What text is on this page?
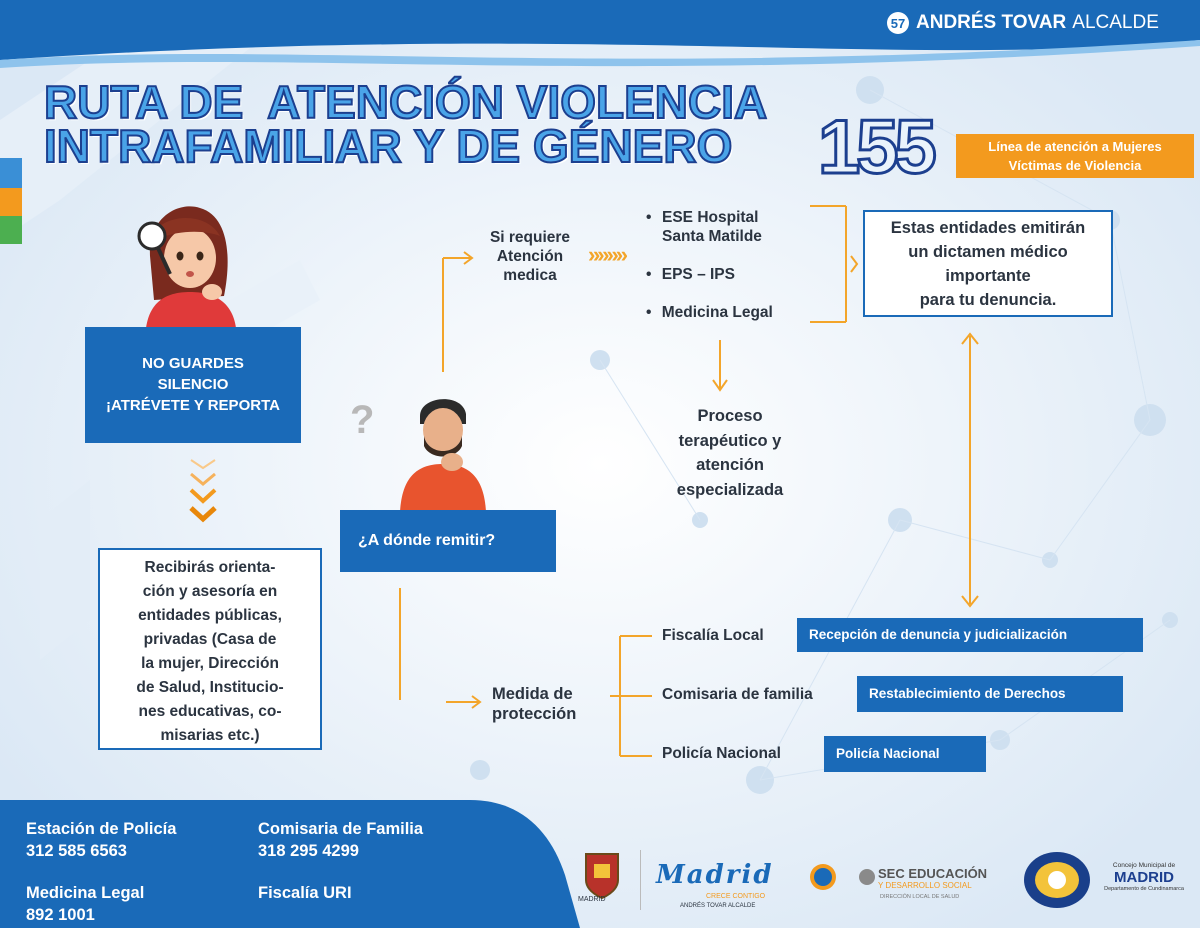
57 ANDRÉS TOVAR ALCALDE
RUTA DE  ATENCIÓN VIOLENCIA
INTRAFAMILIAR Y DE GÉNERO 155	Línea de atención a Mujeres
Víctimas de Violencia
NO GUARDES
SILENCIO
¡ATRÉVETE Y REPORTA
Recibirás orienta-
ción y asesoría en
entidades públicas,
privadas (Casa de
la mujer, Dirección
de Salud, Institucio-
nes educativas, co-
misarias etc.)
?
¿A dónde remitir?
Si requiere
Atención
medica
»»»»
• ESE Hospital
Santa Matilde
• EPS – IPS
• Medicina Legal
Estas entidades emitirán
un dictamen médico
importante
para tu denuncia.
Proceso
terapéutico y
atención
especializada
Medida de
protección
Fiscalía Local	Recepción de denuncia y judicialización
Comisaria de familia	Restablecimiento de Derechos
Policía Nacional	Policía Nacional
Estación de Policía
312 585 6563
Comisaria de Familia
318 295 4299
Medicina Legal
892 1001
Fiscalía URI	MADRID
Madrid
CRECE CONTIGO
ANDRÉS TOVAR ALCALDE
SEC EDUCACIÓN
Y DESARROLLO SOCIAL
DIRECCIÓN LOCAL DE SALUD
Concejo Municipal de
MADRID
Departamento de Cundinamarca
